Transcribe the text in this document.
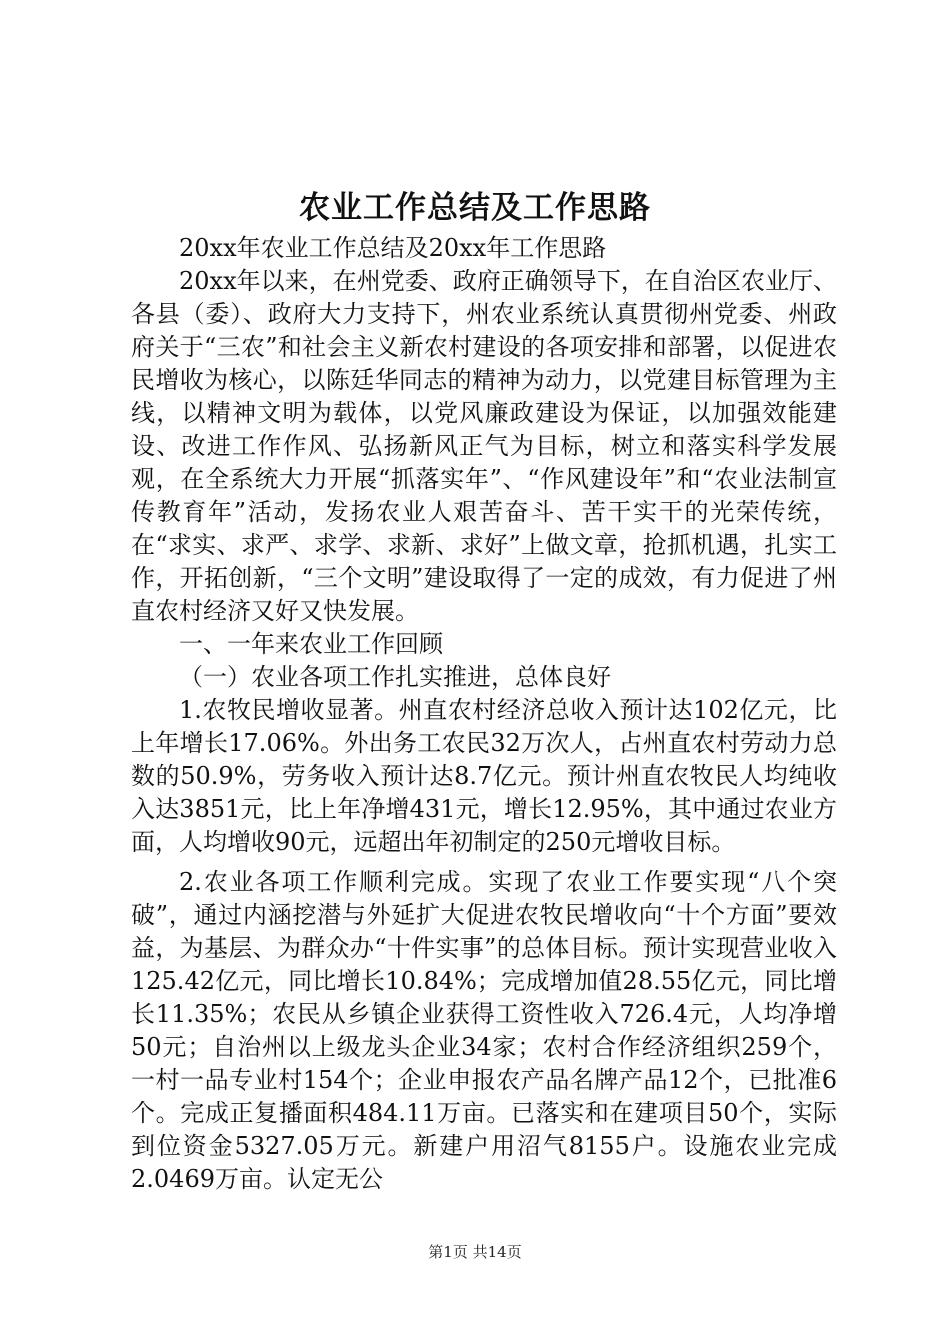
农业工作总结及工作思路

20xx年农业工作总结及20xx年工作思路

20xx年以来，在州党委、政府正确领导下，在自治区农业厅、各县（委）、政府大力支持下，州农业系统认真贯彻州党委、州政府关于“三农”和社会主义新农村建设的各项安排和部署，以促进农民增收为核心，以陈廷华同志的精神为动力，以党建目标管理为主线，以精神文明为载体，以党风廉政建设为保证，以加强效能建设、改进工作作风、弘扬新风正气为目标，树立和落实科学发展观，在全系统大力开展“抓落实年”、“作风建设年”和“农业法制宣传教育年”活动，发扬农业人艰苦奋斗、苦干实干的光荣传统，在“求实、求严、求学、求新、求好”上做文章，抢抓机遇，扎实工作，开拓创新，“三个文明”建设取得了一定的成效，有力促进了州直农村经济又好又快发展。

一、一年来农业工作回顾

（一）农业各项工作扎实推进，总体良好

1.农牧民增收显著。州直农村经济总收入预计达102亿元，比上年增长17.06%。外出务工农民32万次人，占州直农村劳动力总数的50.9%，劳务收入预计达8.7亿元。预计州直农牧民人均纯收入达3851元，比上年净增431元，增长12.95%，其中通过农业方面，人均增收90元，远超出年初制定的250元增收目标。

2.农业各项工作顺利完成。实现了农业工作要实现“八个突破”，通过内涵挖潜与外延扩大促进农牧民增收向“十个方面”要效益，为基层、为群众办“十件实事”的总体目标。预计实现营业收入125.42亿元，同比增长10.84%；完成增加值28.55亿元，同比增长11.35%；农民从乡镇企业获得工资性收入726.4元，人均净增50元；自治州以上级龙头企业34家；农村合作经济组织259个，一村一品专业村154个；企业申报农产品名牌产品12个，已批准6个。完成正复播面积484.11万亩。已落实和在建项目50个，实际到位资金5327.05万元。新建户用沼气8155户。设施农业完成2.0469万亩。认定无公

第1页 共14页
